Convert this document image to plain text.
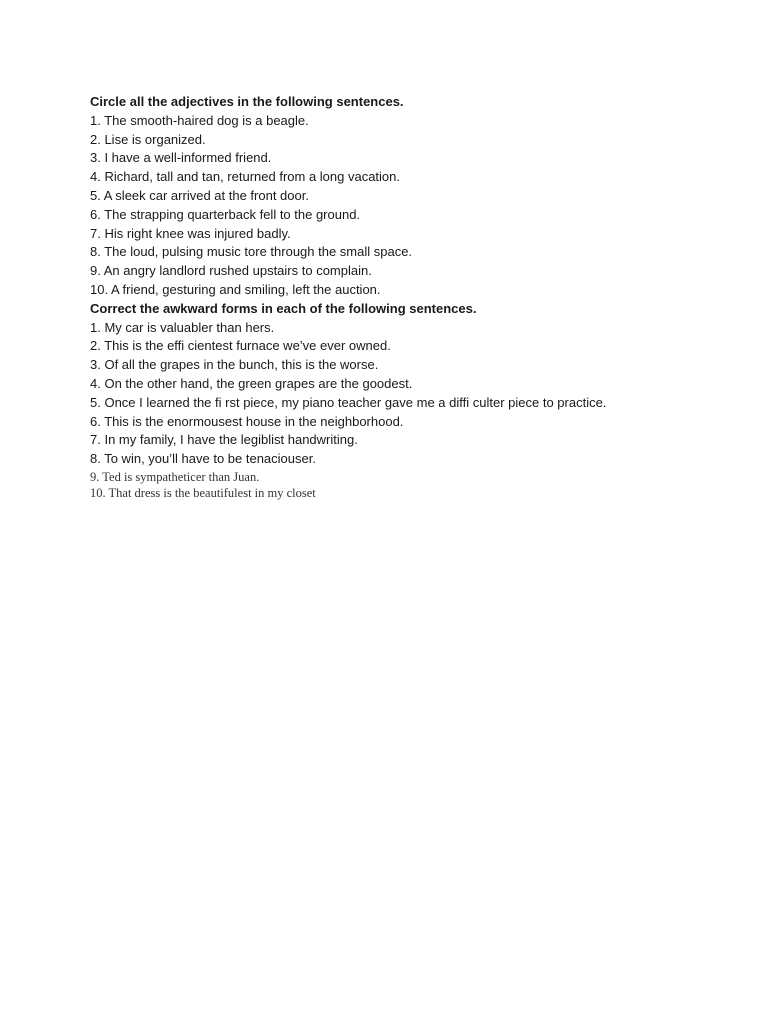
Circle all the adjectives in the following sentences.
1. The smooth-haired dog is a beagle.
2. Lise is organized.
3. I have a well-informed friend.
4. Richard, tall and tan, returned from a long vacation.
5. A sleek car arrived at the front door.
6. The strapping quarterback fell to the ground.
7. His right knee was injured badly.
8. The loud, pulsing music tore through the small space.
9. An angry landlord rushed upstairs to complain.
10. A friend, gesturing and smiling, left the auction.
Correct the awkward forms in each of the following sentences.
1. My car is valuabler than hers.
2. This is the effi cientest furnace we’ve ever owned.
3. Of all the grapes in the bunch, this is the worse.
4. On the other hand, the green grapes are the goodest.
5. Once I learned the fi rst piece, my piano teacher gave me a diffi culter piece to practice.
6. This is the enormousest house in the neighborhood.
7. In my family, I have the legiblist handwriting.
8. To win, you’ll have to be tenaciouser.
9. Ted is sympatheticer than Juan.
10. That dress is the beautifulest in my closet
